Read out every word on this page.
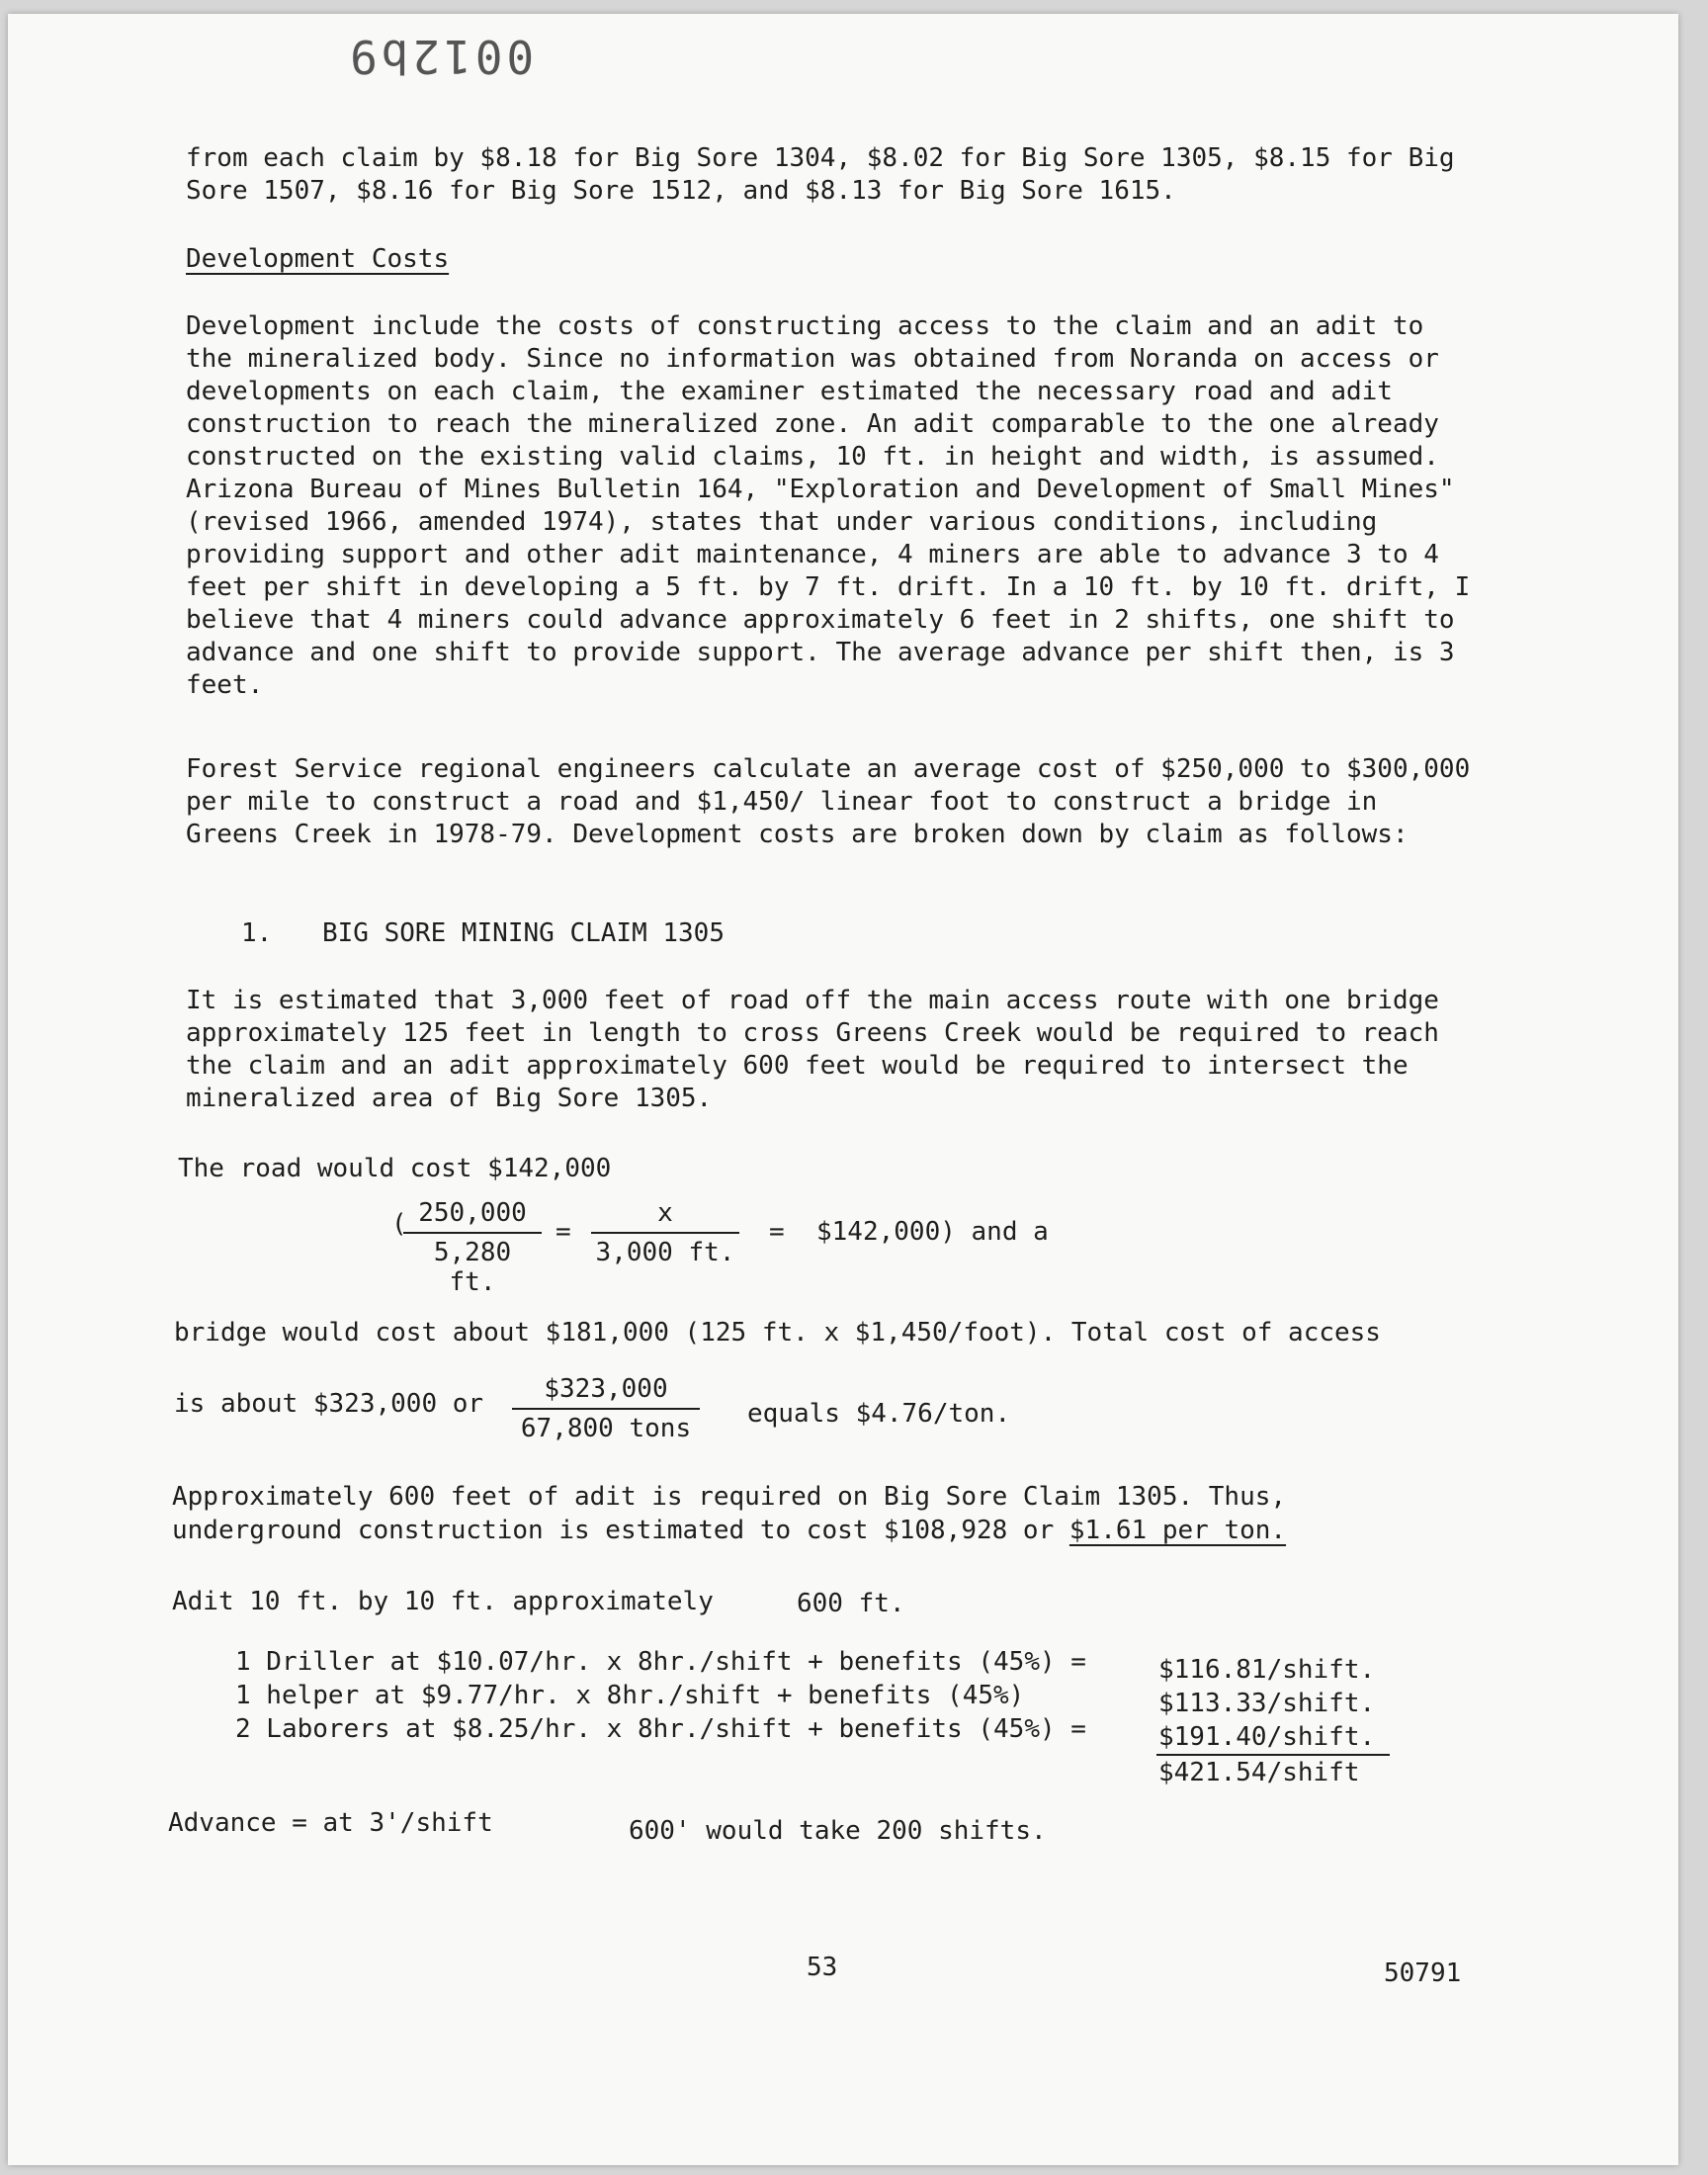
0012b9

from each claim by $8.18 for Big Sore 1304, $8.02 for Big Sore 1305, $8.15 for Big Sore 1507, $8.16 for Big Sore 1512, and $8.13 for Big Sore 1615.

Development Costs

Development include the costs of constructing access to the claim and an adit to the mineralized body. Since no information was obtained from Noranda on access or developments on each claim, the examiner estimated the necessary road and adit construction to reach the mineralized zone. An adit comparable to the one already constructed on the existing valid claims, 10 ft. in height and width, is assumed. Arizona Bureau of Mines Bulletin 164, "Exploration and Development of Small Mines" (revised 1966, amended 1974), states that under various conditions, including providing support and other adit maintenance, 4 miners are able to advance 3 to 4 feet per shift in developing a 5 ft. by 7 ft. drift. In a 10 ft. by 10 ft. drift, I believe that 4 miners could advance approximately 6 feet in 2 shifts, one shift to advance and one shift to provide support. The average advance per shift then, is 3 feet.

Forest Service regional engineers calculate an average cost of $250,000 to $300,000 per mile to construct a road and $1,450/ linear foot to construct a bridge in Greens Creek in 1978-79. Development costs are broken down by claim as follows:

1. BIG SORE MINING CLAIM 1305

It is estimated that 3,000 feet of road off the main access route with one bridge approximately 125 feet in length to cross Greens Creek would be required to reach the claim and an adit approximately 600 feet would be required to intersect the mineralized area of Big Sore 1305.

The road would cost $142,000
(
$\frac{250,000}{5,280 ft.} = \frac{x}{3,000 ft.}$ = $142,000) and a
bridge would cost about $181,000 (125 ft. x $1,450/foot). Total cost of access
is about $323,000 or	$323,000
67,800 tons	equals $4.76/ton.
Approximately 600 feet of adit is required on Big Sore Claim 1305. Thus,
underground construction is estimated to cost $108,928 or $1.61 per ton.
Adit 10 ft. by 10 ft. approximately	600 ft.
1 Driller at $10.07/hr. x 8hr./shift + benefits (45%) =	$116.81/shift.
1 helper at $9.77/hr. x 8hr./shift + benefits (45%)	$113.33/shift.
2 Laborers at $8.25/hr. x 8hr./shift + benefits (45%) =	$191.40/shift.
$421.54/shift
Advance = at 3'/shift	600' would take 200 shifts.
53	50791
